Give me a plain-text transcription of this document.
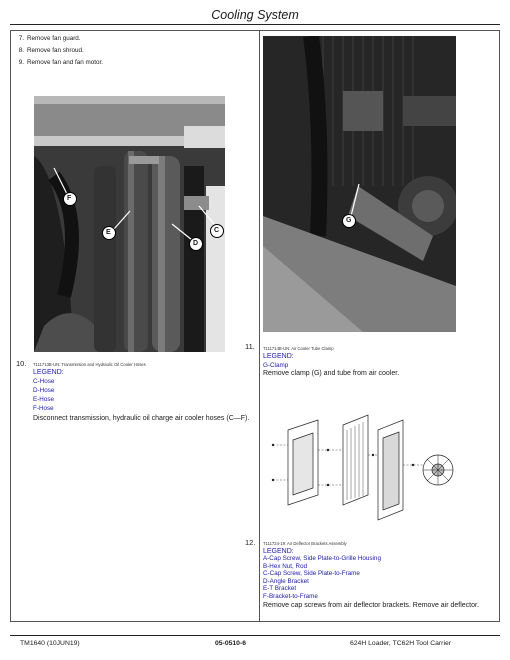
Cooling System
7. Remove fan guard.
8. Remove fan shroud.
9. Remove fan and fan motor.
F
E
D
C
10. T111713B-UN: Transmission and Hydraulic Oil Cooler Hoses
LEGEND:
C-Hose
D-Hose
E-Hose
F-Hose
Disconnect transmission, hydraulic oil charge air cooler hoses (C—F).
G
11. T111714B-UN: Air Cooler Tube Clamp
LEGEND:
G-Clamp
Remove clamp (G) and tube from air cooler.
12. T111724-19: Air Deflector Brackets Assembly
LEGEND:
A-Cap Screw, Side Plate-to-Grille Housing
B-Hex Nut, Rod
C-Cap Screw, Side Plate-to-Frame
D-Angle Bracket
E-T Bracket
F-Bracket-to-Frame
Remove cap screws from air deflector brackets. Remove air deflector.
TM1640 (10JUN19)	05-0510-6	624H Loader, TC62H Tool Carrier
